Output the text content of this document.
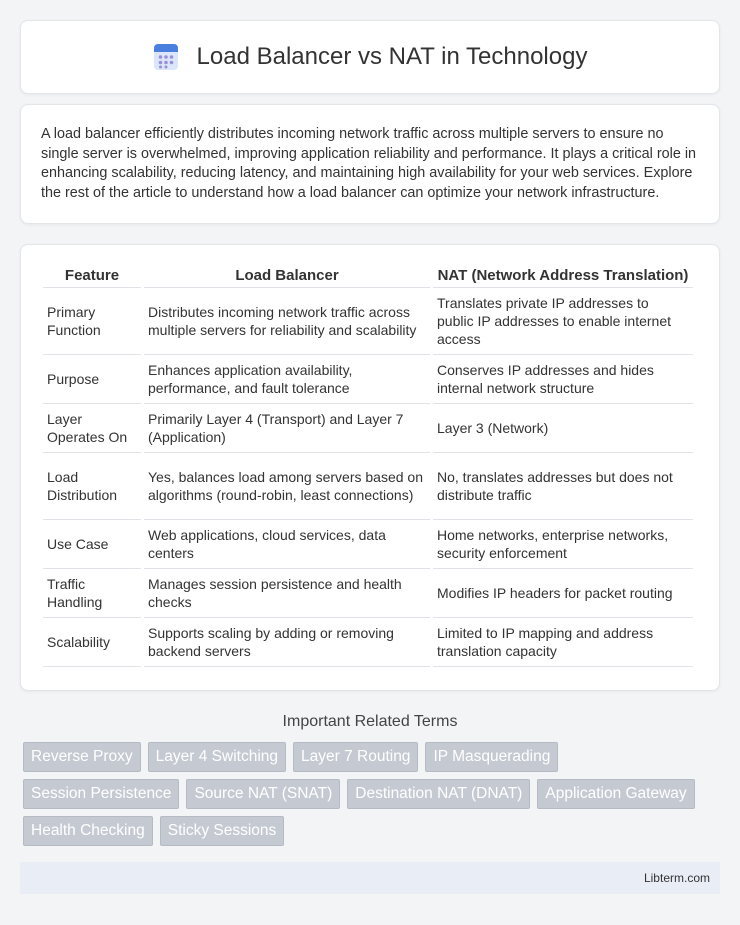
Load Balancer vs NAT in Technology

A load balancer efficiently distributes incoming network traffic across multiple servers to ensure no single server is overwhelmed, improving application reliability and performance. It plays a critical role in enhancing scalability, reducing latency, and maintaining high availability for your web services. Explore the rest of the article to understand how a load balancer can optimize your network infrastructure.

Feature	Load Balancer	NAT (Network Address Translation)
Primary Function	Distributes incoming network traffic across multiple servers for reliability and scalability	Translates private IP addresses to public IP addresses to enable internet access
Purpose	Enhances application availability, performance, and fault tolerance	Conserves IP addresses and hides internal network structure
Layer Operates On	Primarily Layer 4 (Transport) and Layer 7 (Application)	Layer 3 (Network)
Load Distribution	Yes, balances load among servers based on algorithms (round-robin, least connections)	No, translates addresses but does not distribute traffic
Use Case	Web applications, cloud services, data centers	Home networks, enterprise networks, security enforcement
Traffic Handling	Manages session persistence and health checks	Modifies IP headers for packet routing
Scalability	Supports scaling by adding or removing backend servers	Limited to IP mapping and address translation capacity
Important Related Terms
Reverse Proxy	Layer 4 Switching	Layer 7 Routing	IP Masquerading
Session Persistence	Source NAT (SNAT)	Destination NAT (DNAT)	Application Gateway
Health Checking	Sticky Sessions
Libterm.com
